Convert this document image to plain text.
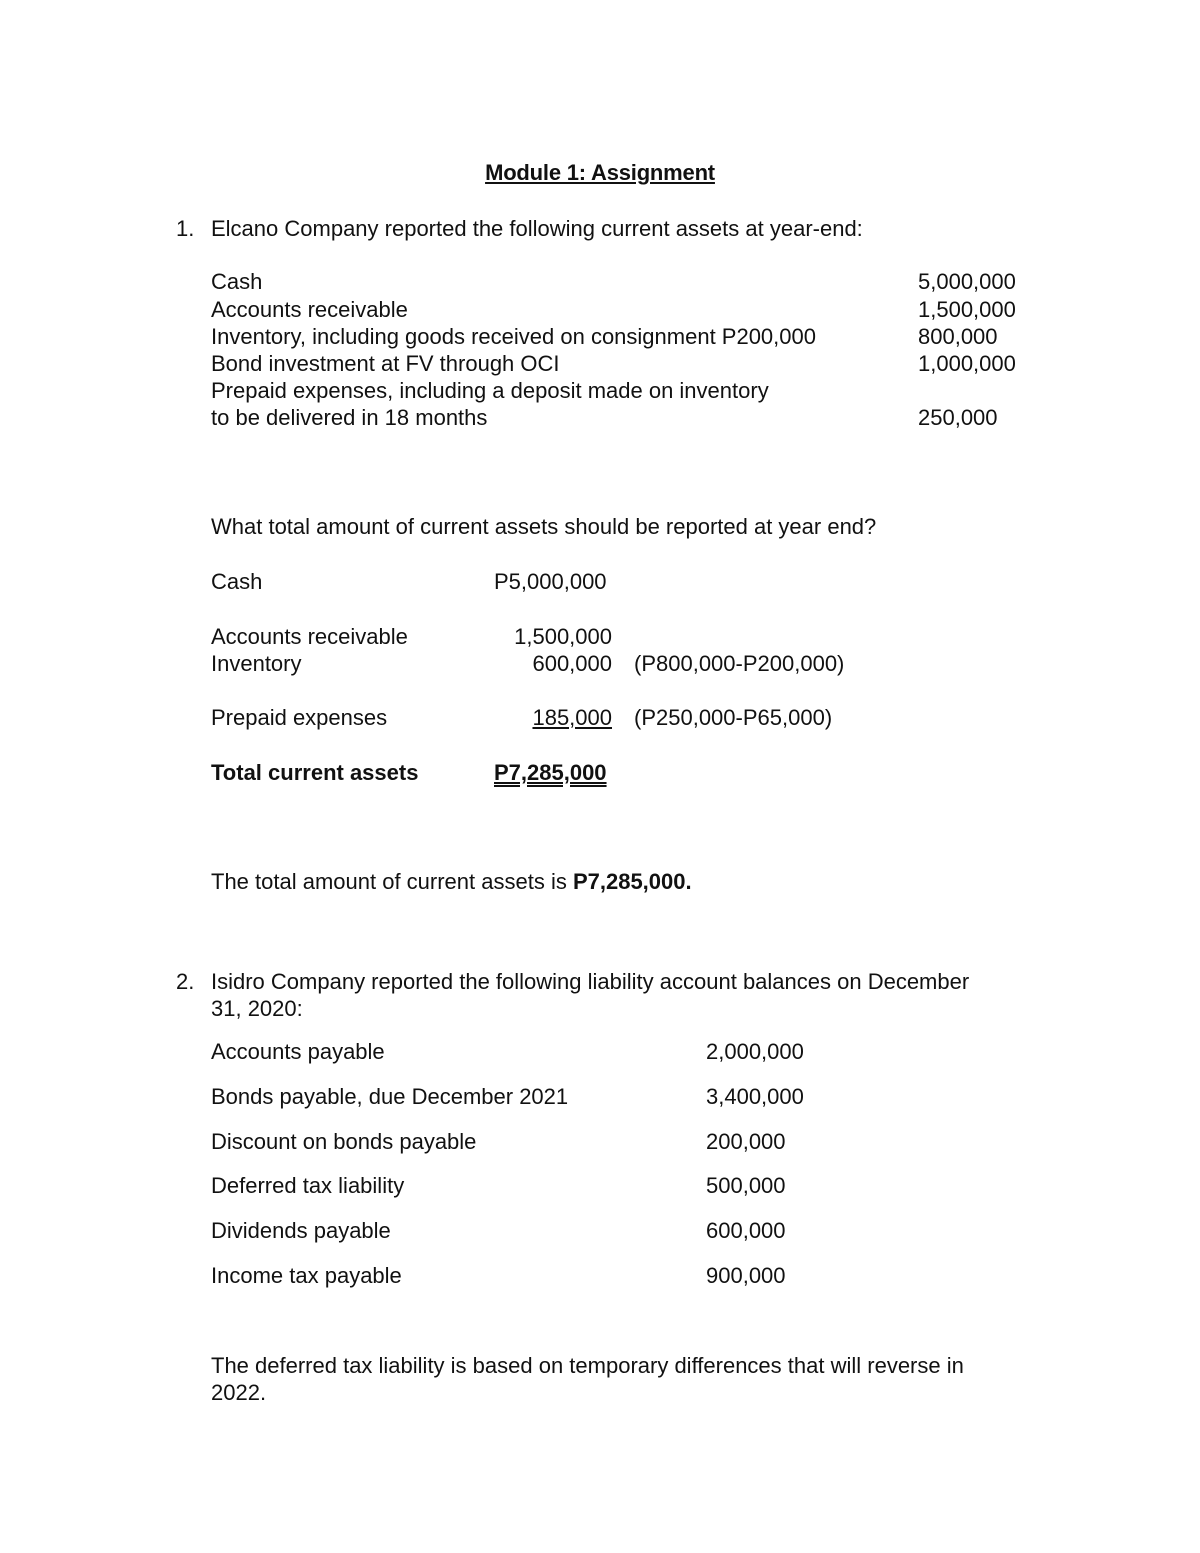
Module 1: Assignment
1. Elcano Company reported the following current assets at year-end:
Cash	5,000,000
Accounts receivable	1,500,000
Inventory, including goods received on consignment P200,000	800,000
Bond investment at FV through OCI	1,000,000
Prepaid expenses, including a deposit made on inventory
to be delivered in 18 months	250,000
What total amount of current assets should be reported at year end?
Cash	P5,000,000
Accounts receivable	1,500,000
Inventory	600,000 (P800,000-P200,000)
Prepaid expenses	185,000 (P250,000-P65,000)
Total current assets	P7,285,000
The total amount of current assets is P7,285,000.
2. Isidro Company reported the following liability account balances on December
31, 2020:
Accounts payable	2,000,000
Bonds payable, due December 2021	3,400,000
Discount on bonds payable	200,000
Deferred tax liability	500,000
Dividends payable	600,000
Income tax payable	900,000
The deferred tax liability is based on temporary differences that will reverse in
2022.
